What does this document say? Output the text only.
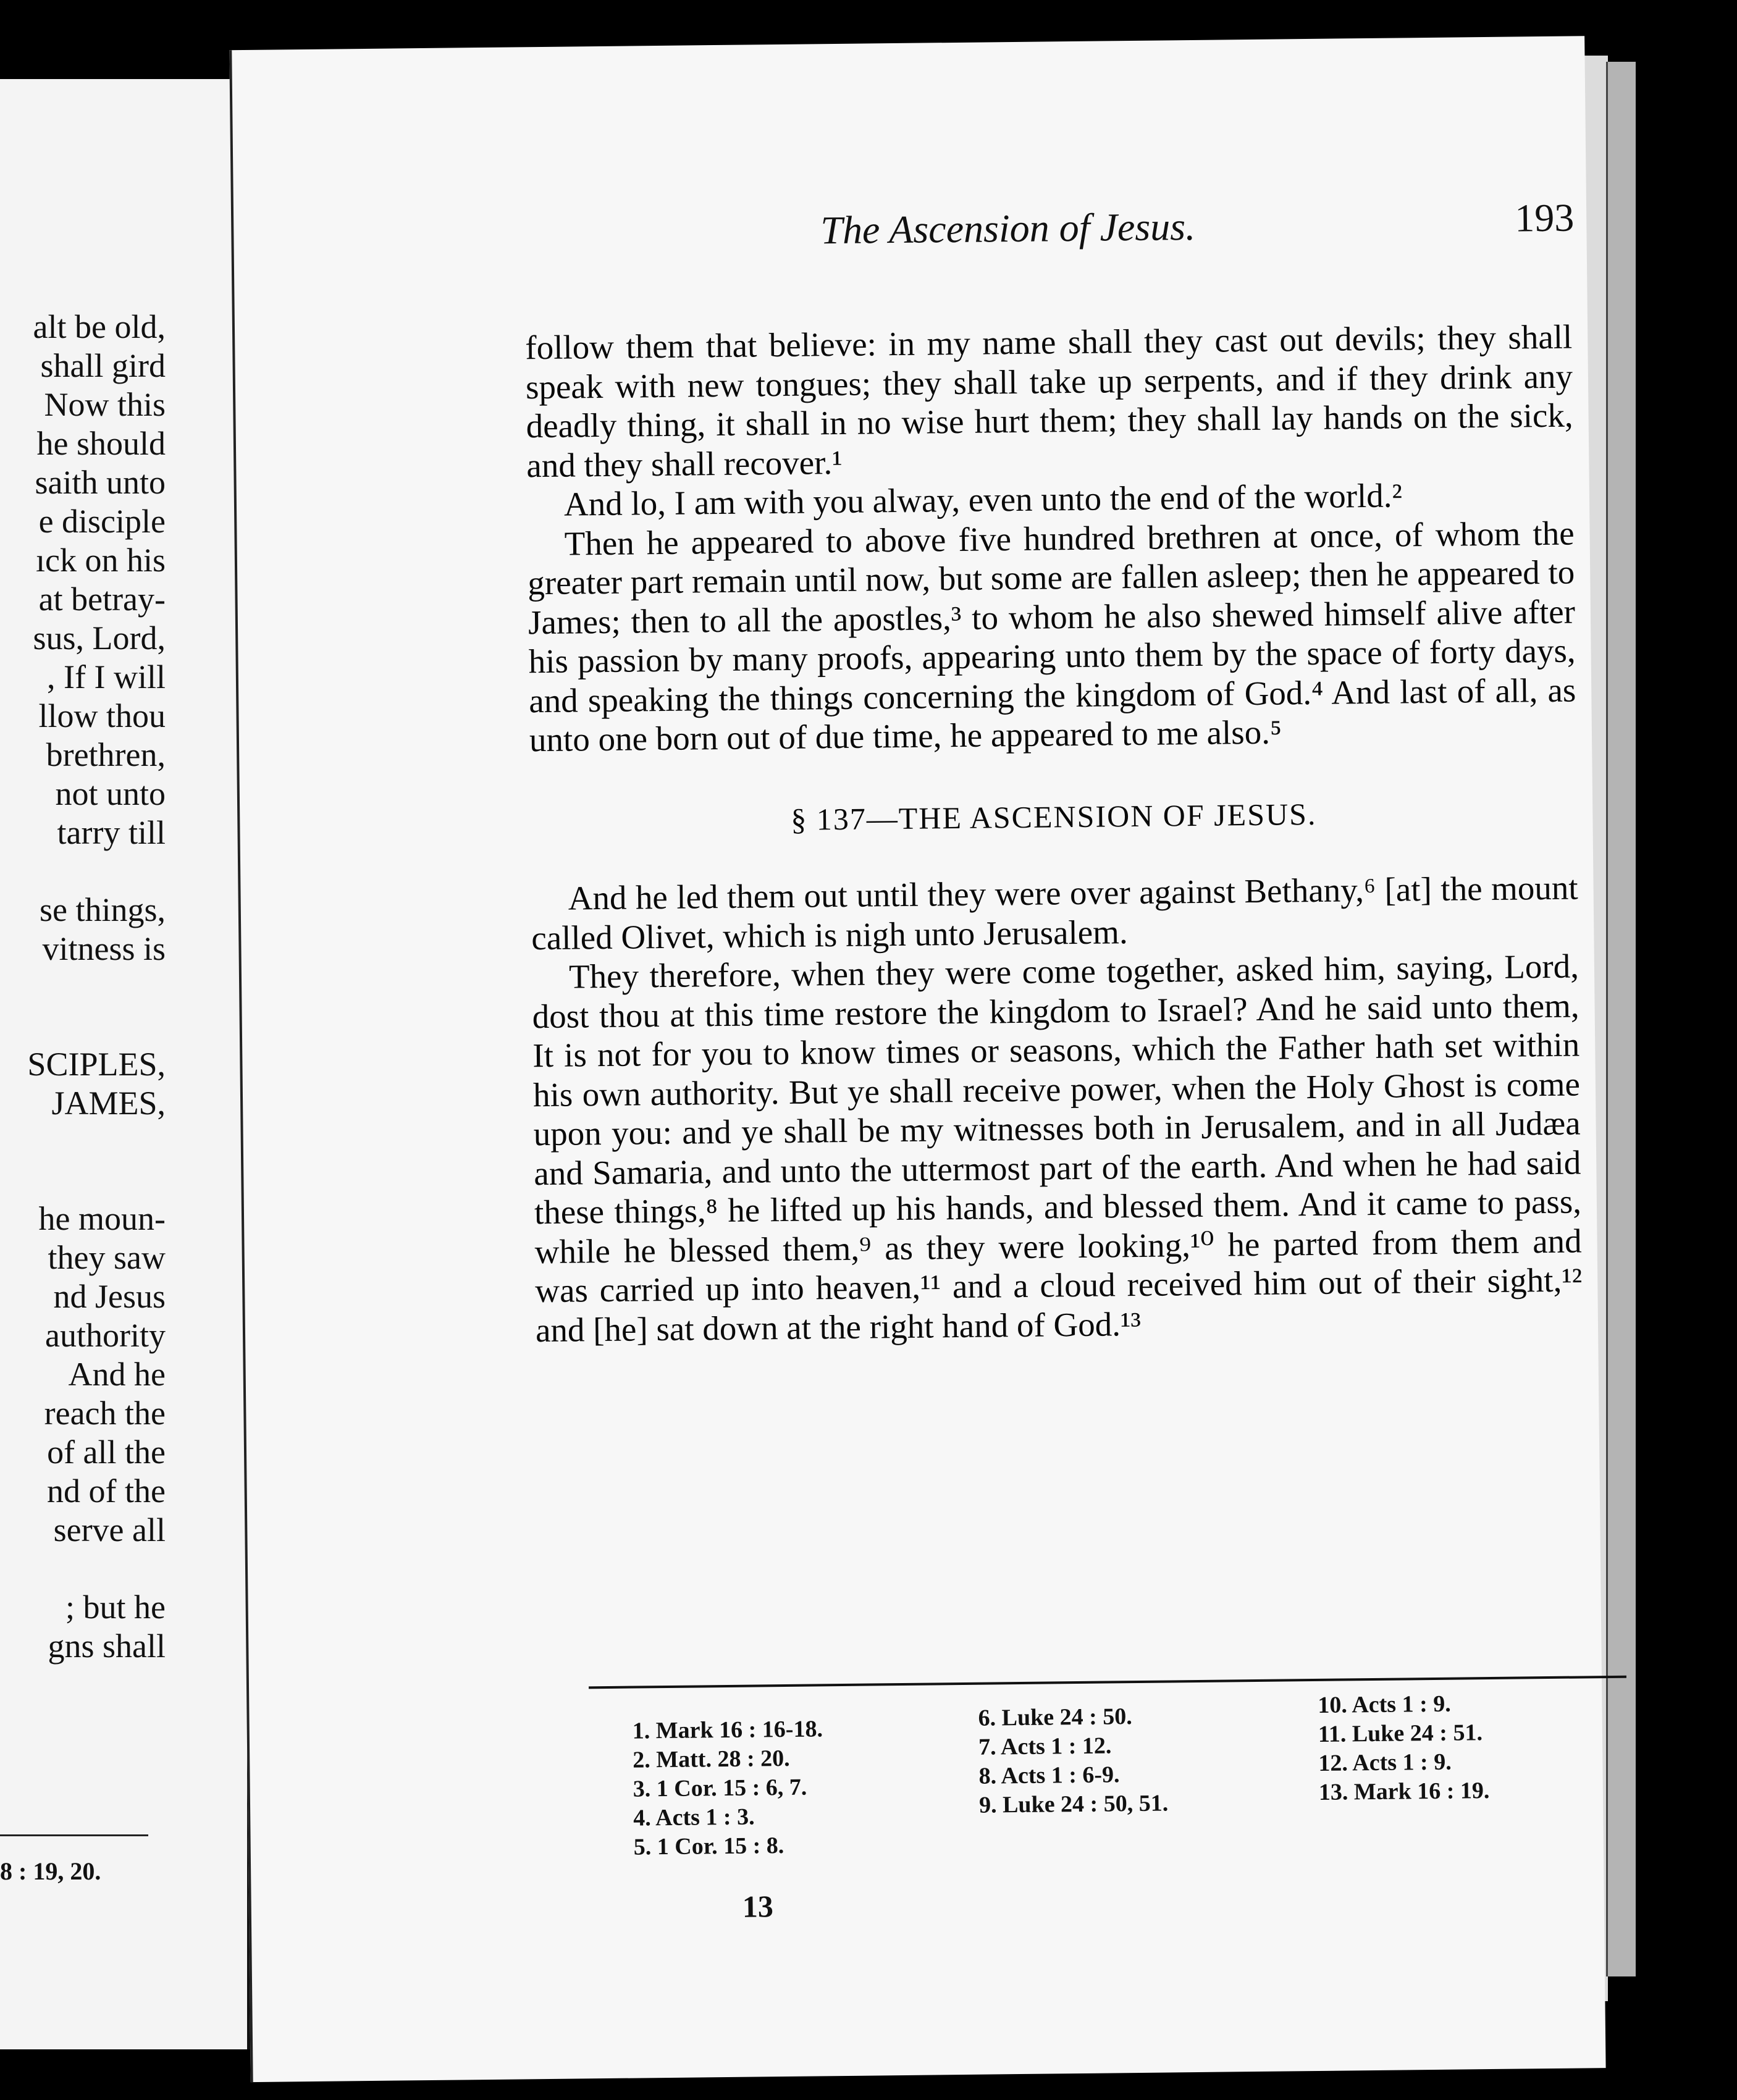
alt be old,
shall gird
Now this
he should
saith unto
e disciple
ıck on his
at betray-
sus, Lord,
, If I will
llow thou
brethren,
not unto
tarry till
se things,
vitness is
SCIPLES,
JAMES,
he moun-
they saw
nd Jesus
authority
And he
reach the
of all the
nd of the
serve all
; but he
gns shall
8 : 19, 20.
The Ascension of Jesus.	193

follow them that believe: in my name shall they cast out devils; they shall speak with new tongues; they shall take up serpents, and if they drink any deadly thing, it shall in no wise hurt them; they shall lay hands on the sick, and they shall recover.¹

And lo, I am with you alway, even unto the end of the world.²

Then he appeared to above five hundred brethren at once, of whom the greater part remain until now, but some are fallen asleep; then he appeared to James; then to all the apostles,³ to whom he also shewed himself alive after his passion by many proofs, appearing unto them by the space of forty days, and speaking the things concerning the kingdom of God.⁴ And last of all, as unto one born out of due time, he appeared to me also.⁵

§ 137—THE ASCENSION OF JESUS.

And he led them out until they were over against Bethany,⁶ [at] the mount called Olivet, which is nigh unto Jerusalem.

They therefore, when they were come together, asked him, saying, Lord, dost thou at this time restore the kingdom to Israel? And he said unto them, It is not for you to know times or seasons, which the Father hath set within his own authority. But ye shall receive power, when the Holy Ghost is come upon you: and ye shall be my witnesses both in Jerusalem, and in all Judæa and Samaria, and unto the uttermost part of the earth. And when he had said these things,⁸ he lifted up his hands, and blessed them. And it came to pass, while he blessed them,⁹ as they were looking,¹⁰ he parted from them and was carried up into heaven,¹¹ and a cloud received him out of their sight,¹² and [he] sat down at the right hand of God.¹³

1. Mark 16 : 16-18.
2. Matt. 28 : 20.
3. 1 Cor. 15 : 6, 7.
4. Acts 1 : 3.
5. 1 Cor. 15 : 8.
6. Luke 24 : 50.
7. Acts 1 : 12.
8. Acts 1 : 6-9.
9. Luke 24 : 50, 51.
10. Acts 1 : 9.
11. Luke 24 : 51.
12. Acts 1 : 9.
13. Mark 16 : 19.
13
